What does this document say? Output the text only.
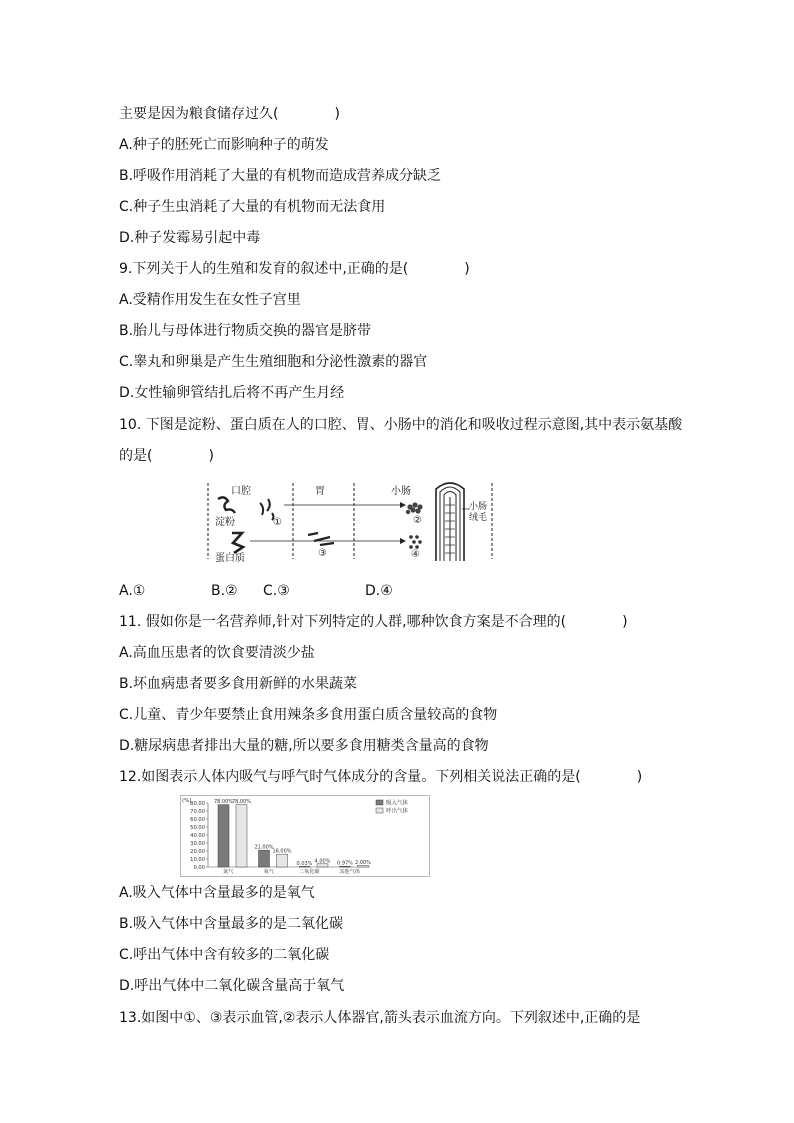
主要是因为粮食储存过久(　　　　)
A.种子的胚死亡而影响种子的萌发
B.呼吸作用消耗了大量的有机物而造成营养成分缺乏
C.种子生虫消耗了大量的有机物而无法食用
D.种子发霉易引起中毒
9.下列关于人的生殖和发育的叙述中,正确的是(　　　　)
A.受精作用发生在女性子宫里
B.胎儿与母体进行物质交换的器官是脐带
C.睾丸和卵巢是产生生殖细胞和分泌性激素的器官
D.女性输卵管结扎后将不再产生月经
10. 下图是淀粉、蛋白质在人的口腔、胃、小肠中的消化和吸收过程示意图,其中表示氨基酸
的是(　　　　)
口腔	胃	小肠
淀粉
蛋白质
①	②
③	④
小肠
绒毛
A.①	B.② C.③	D.④
11. 假如你是一名营养师,针对下列特定的人群,哪种饮食方案是不合理的(　　　　)
A.高血压患者的饮食要清淡少盐
B.坏血病患者要多食用新鲜的水果蔬菜
C.儿童、青少年要禁止食用辣条多食用蛋白质含量较高的食物
D.糖尿病患者排出大量的糖,所以要多食用糖类含量高的食物
12.如图表示人体内吸气与呼气时气体成分的含量。下列相关说法正确的是(　　　　)
(%)
80.00
70.00
60.00
50.00
40.00
30.00
20.00
10.00
0.00
78.00%
78.00%
氮气
21.00%
16.00%
氧气
0.03% 4.00%
二氧化碳
0.97% 2.00%
其他气体
吸入气体
呼出气体
A.吸入气体中含量最多的是氧气
B.吸入气体中含量最多的是二氧化碳
C.呼出气体中含有较多的二氧化碳
D.呼出气体中二氧化碳含量高于氧气
13.如图中①、③表示血管,②表示人体器官,箭头表示血流方向。下列叙述中,正确的是
